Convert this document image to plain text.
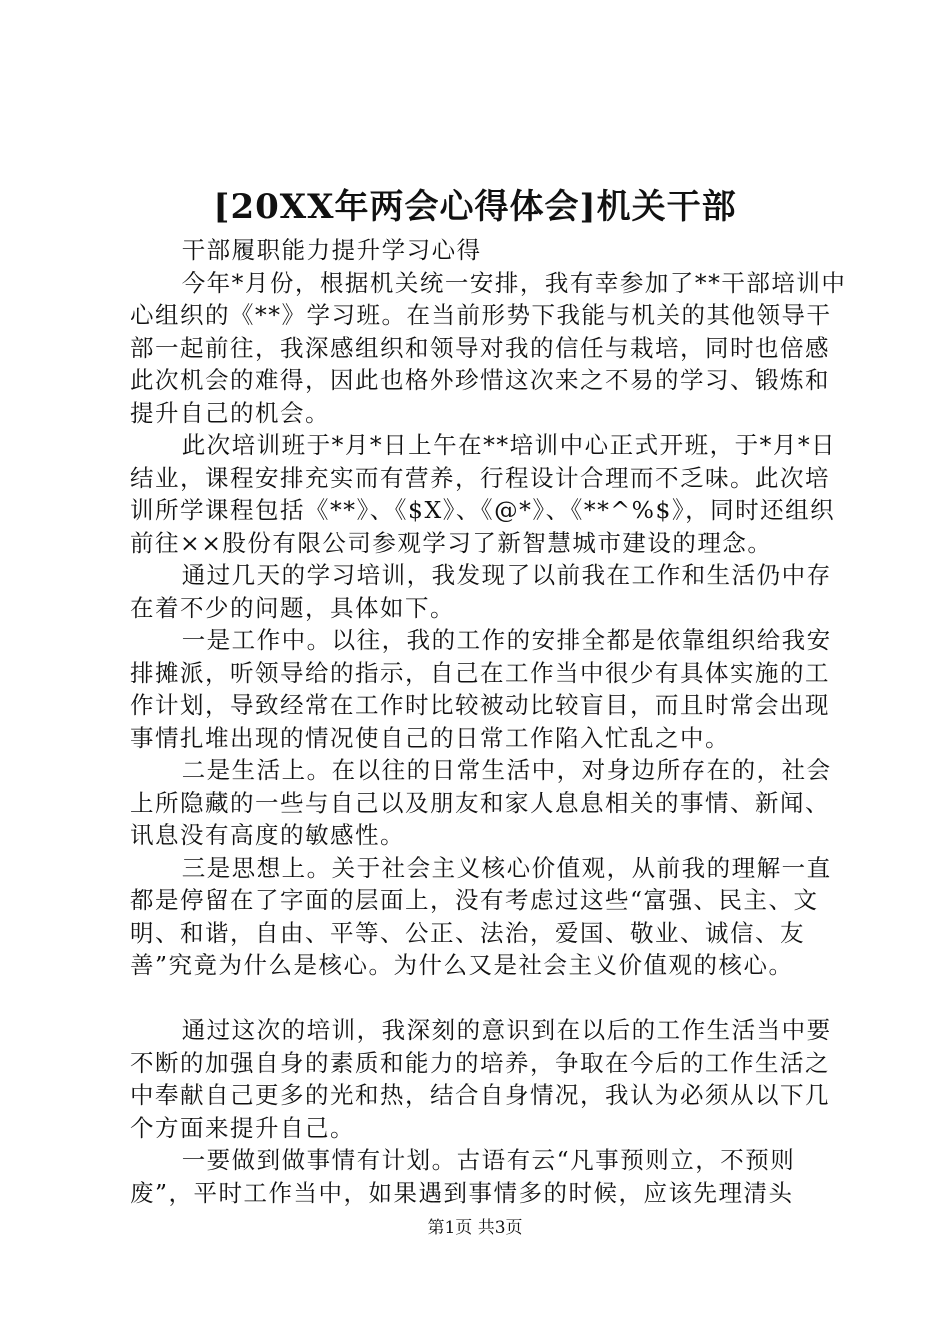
[20XX年两会心得体会]机关干部

干部履职能力提升学习心得

今年*月份，根据机关统一安排，我有幸参加了**干部培训中心组织的《**》学习班。在当前形势下我能与机关的其他领导干部一起前往，我深感组织和领导对我的信任与栽培，同时也倍感此次机会的难得，因此也格外珍惜这次来之不易的学习、锻炼和提升自己的机会。

此次培训班于*月*日上午在**培训中心正式开班，于*月*日结业，课程安排充实而有营养，行程设计合理而不乏味。此次培训所学课程包括《**》、《$X》、《@*》、《**^%$》，同时还组织前往××股份有限公司参观学习了新智慧城市建设的理念。

通过几天的学习培训，我发现了以前我在工作和生活仍中存在着不少的问题，具体如下。

一是工作中。以往，我的工作的安排全都是依靠组织给我安排摊派，听领导给的指示，自己在工作当中很少有具体实施的工作计划，导致经常在工作时比较被动比较盲目，而且时常会出现事情扎堆出现的情况使自己的日常工作陷入忙乱之中。

二是生活上。在以往的日常生活中，对身边所存在的，社会上所隐藏的一些与自己以及朋友和家人息息相关的事情、新闻、讯息没有高度的敏感性。

三是思想上。关于社会主义核心价值观，从前我的理解一直都是停留在了字面的层面上，没有考虑过这些“富强、民主、文明、和谐，自由、平等、公正、法治，爱国、敬业、诚信、友善”究竟为什么是核心。为什么又是社会主义价值观的核心。

通过这次的培训，我深刻的意识到在以后的工作生活当中要不断的加强自身的素质和能力的培养，争取在今后的工作生活之中奉献自己更多的光和热，结合自身情况，我认为必须从以下几个方面来提升自己。

一要做到做事情有计划。古语有云“凡事预则立，不预则废”，平时工作当中，如果遇到事情多的时候，应该先理清头

第1页 共3页
